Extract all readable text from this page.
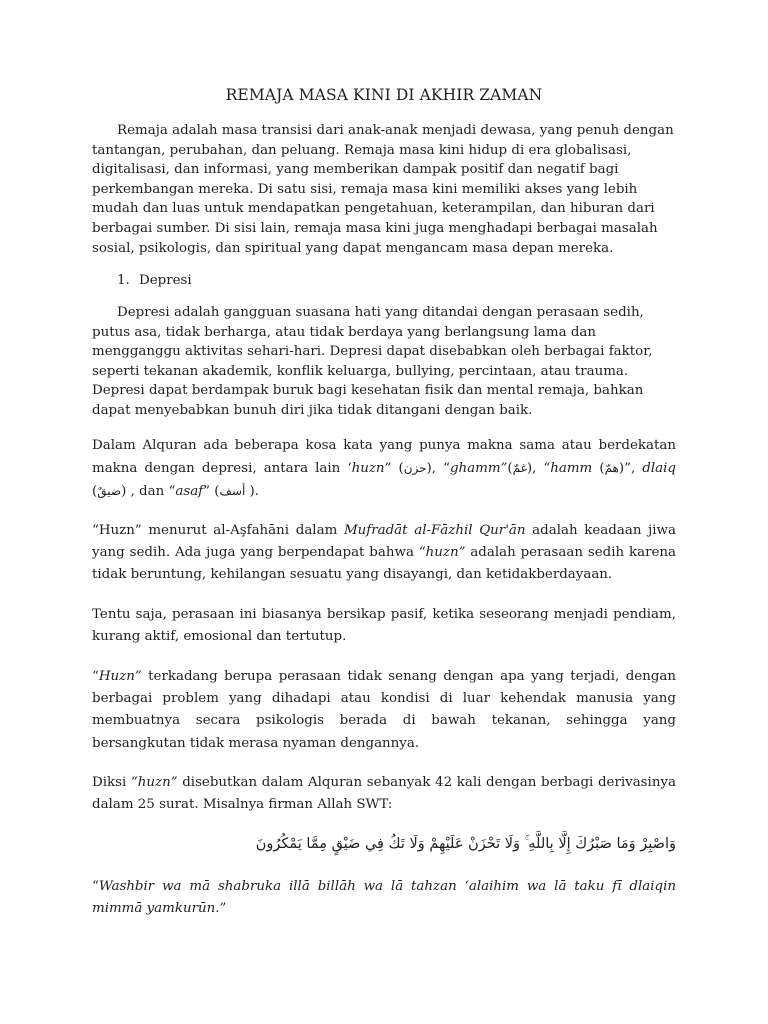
REMAJA MASA KINI DI AKHIR ZAMAN

Remaja adalah masa transisi dari anak-anak menjadi dewasa, yang penuh dengan tantangan, perubahan, dan peluang. Remaja masa kini hidup di era globalisasi, digitalisasi, dan informasi, yang memberikan dampak positif dan negatif bagi perkembangan mereka. Di satu sisi, remaja masa kini memiliki akses yang lebih mudah dan luas untuk mendapatkan pengetahuan, keterampilan, dan hiburan dari berbagai sumber. Di sisi lain, remaja masa kini juga menghadapi berbagai masalah sosial, psikologis, dan spiritual yang dapat mengancam masa depan mereka.

1. Depresi

Depresi adalah gangguan suasana hati yang ditandai dengan perasaan sedih, putus asa, tidak berharga, atau tidak berdaya yang berlangsung lama dan mengganggu aktivitas sehari-hari. Depresi dapat disebabkan oleh berbagai faktor, seperti tekanan akademik, konflik keluarga, bullying, percintaan, atau trauma. Depresi dapat berdampak buruk bagi kesehatan fisik dan mental remaja, bahkan dapat menyebabkan bunuh diri jika tidak ditangani dengan baik.

Dalam Alquran ada beberapa kosa kata yang punya makna sama atau berdekatan makna dengan depresi, antara lain ‘huzn” (حزن), “ghamm”(غمّ), “hamm (همّ)”, dlaiq (ضيقٌ) , dan “asaf” (أسف ).

“Huzn” menurut al-Aşfahāni dalam Mufradāt al-Fāzhil Qur'ān adalah keadaan jiwa yang sedih. Ada juga yang berpendapat bahwa “huzn” adalah perasaan sedih karena tidak beruntung, kehilangan sesuatu yang disayangi, dan ketidakberdayaan.

Tentu saja, perasaan ini biasanya bersikap pasif, ketika seseorang menjadi pendiam, kurang aktif, emosional dan tertutup.

“Huzn” terkadang berupa perasaan tidak senang dengan apa yang terjadi, dengan berbagai problem yang dihadapi atau kondisi di luar kehendak manusia yang membuatnya secara psikologis berada di bawah tekanan, sehingga yang bersangkutan tidak merasa nyaman dengannya.

Diksi “huzn” disebutkan dalam Alquran sebanyak 42 kali dengan berbagi derivasinya dalam 25 surat. Misalnya firman Allah SWT:

وَاصْبِرْ وَمَا صَبْرُكَ إِلَّا بِاللَّهِ ۚ وَلَا تَحْزَنْ عَلَيْهِمْ وَلَا تَكُ فِي ضَيْقٍ مِمَّا يَمْكُرُونَ

“Washbir wa mā shabruka illā billāh wa lā tahzan ‘alaihim wa lā taku fī dlaiqin mimmā yamkurūn.”
